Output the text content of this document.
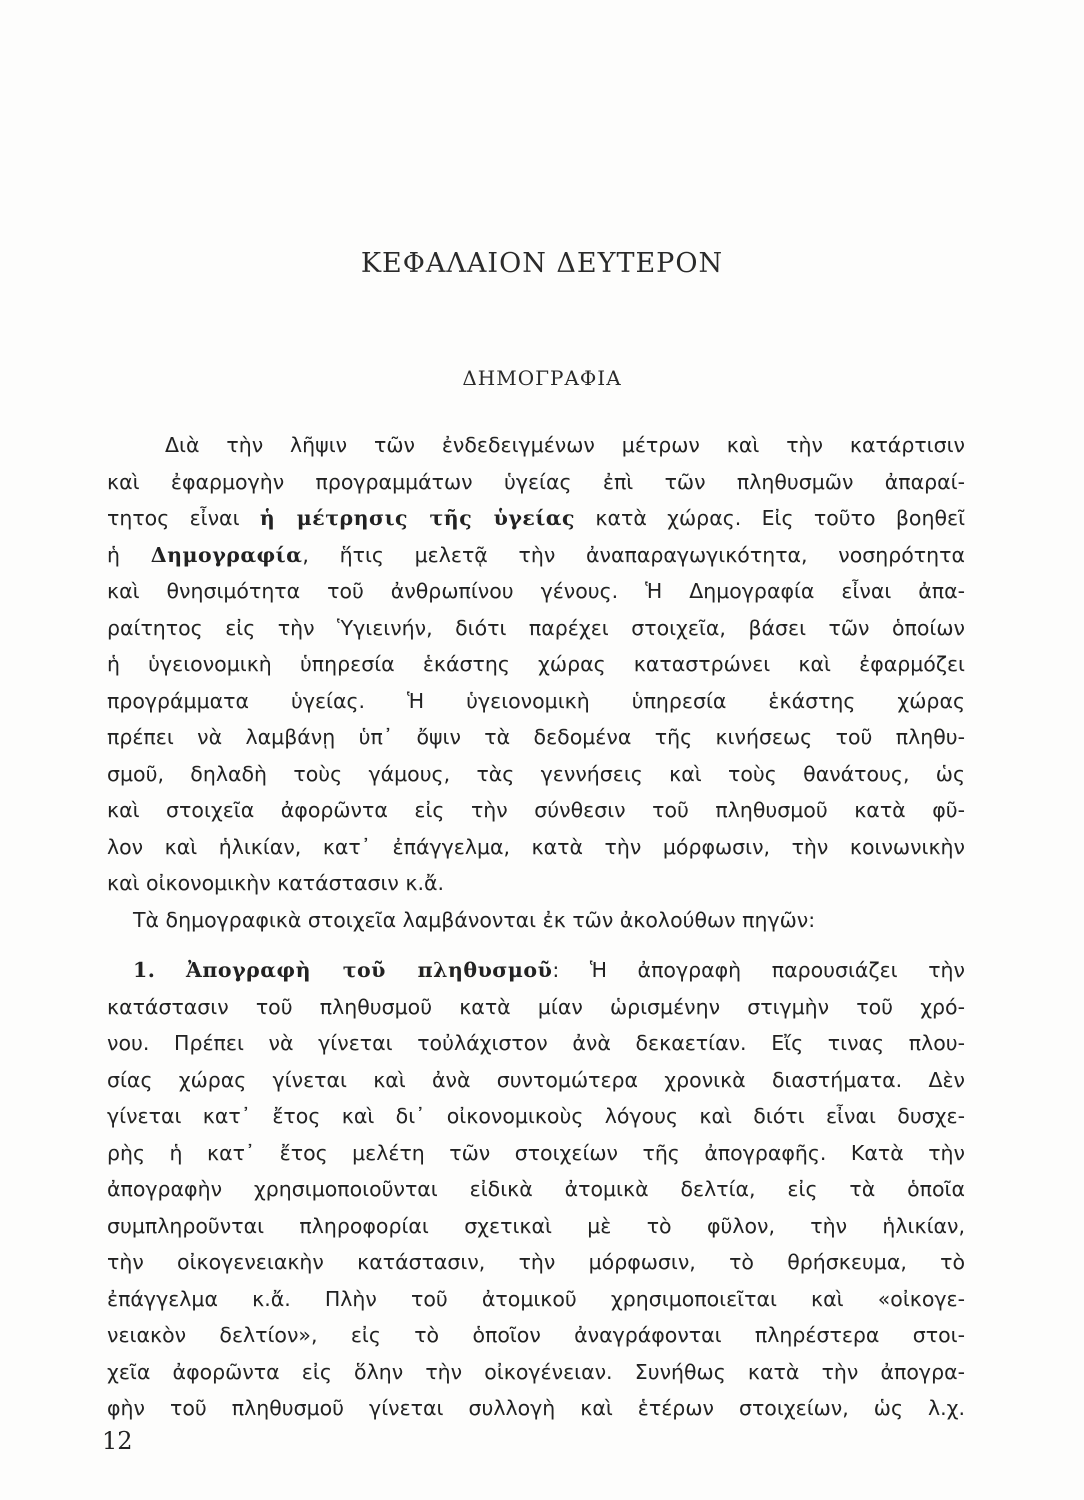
ΚΕΦΑΛΑΙΟΝ ΔΕΥΤΕΡΟΝ
ΔΗΜΟΓΡΑΦΙΑ
Διὰ τὴν λῆψιν τῶν ἐνδεδειγμένων μέτρων καὶ τὴν κατάρτισιν
καὶ ἐφαρμογὴν προγραμμάτων ὑγείας ἐπὶ τῶν πληθυσμῶν ἀπαραί-
τητος εἶναι ἡ μέτρησις τῆς ὑγείας κατὰ χώρας. Εἰς τοῦτο βοηθεῖ
ἡ Δημογραφία, ἥτις μελετᾷ τὴν ἀναπαραγωγικότητα, νοσηρότητα
καὶ θνησιμότητα τοῦ ἀνθρωπίνου γένους. Ἡ Δημογραφία εἶναι ἀπα-
ραίτητος εἰς τὴν Ὑγιεινήν, διότι παρέχει στοιχεῖα, βάσει τῶν ὁποίων
ἡ ὑγειονομικὴ ὑπηρεσία ἑκάστης χώρας καταστρώνει καὶ ἐφαρμόζει
προγράμματα ὑγείας. Ἡ ὑγειονομικὴ ὑπηρεσία ἑκάστης χώρας
πρέπει νὰ λαμβάνῃ ὑπ᾽ ὄψιν τὰ δεδομένα τῆς κινήσεως τοῦ πληθυ-
σμοῦ, δηλαδὴ τοὺς γάμους, τὰς γεννήσεις καὶ τοὺς θανάτους, ὡς
καὶ στοιχεῖα ἀφορῶντα εἰς τὴν σύνθεσιν τοῦ πληθυσμοῦ κατὰ φῦ-
λον καὶ ἡλικίαν, κατ᾽ ἐπάγγελμα, κατὰ τὴν μόρφωσιν, τὴν κοινωνικὴν
καὶ οἰκονομικὴν κατάστασιν κ.ἄ.
Τὰ δημογραφικὰ στοιχεῖα λαμβάνονται ἐκ τῶν ἀκολούθων πηγῶν:
1. Ἀπογραφὴ τοῦ πληθυσμοῦ: Ἡ ἀπογραφὴ παρουσιάζει τὴν
κατάστασιν τοῦ πληθυσμοῦ κατὰ μίαν ὡρισμένην στιγμὴν τοῦ χρό-
νου. Πρέπει νὰ γίνεται τοὐλάχιστον ἀνὰ δεκαετίαν. Εἴς τινας πλου-
σίας χώρας γίνεται καὶ ἀνὰ συντομώτερα χρονικὰ διαστήματα. Δὲν
γίνεται κατ᾽ ἔτος καὶ δι᾽ οἰκονομικοὺς λόγους καὶ διότι εἶναι δυσχε-
ρὴς ἡ κατ᾽ ἔτος μελέτη τῶν στοιχείων τῆς ἀπογραφῆς. Κατὰ τὴν
ἀπογραφὴν χρησιμοποιοῦνται εἰδικὰ ἀτομικὰ δελτία, εἰς τὰ ὁποῖα
συμπληροῦνται πληροφορίαι σχετικαὶ μὲ τὸ φῦλον, τὴν ἡλικίαν,
τὴν οἰκογενειακὴν κατάστασιν, τὴν μόρφωσιν, τὸ θρήσκευμα, τὸ
ἐπάγγελμα κ.ἄ. Πλὴν τοῦ ἀτομικοῦ χρησιμοποιεῖται καὶ «οἰκογε-
νειακὸν δελτίον», εἰς τὸ ὁποῖον ἀναγράφονται πληρέστερα στοι-
χεῖα ἀφορῶντα εἰς ὅλην τὴν οἰκογένειαν. Συνήθως κατὰ τὴν ἀπογρα-
φὴν τοῦ πληθυσμοῦ γίνεται συλλογὴ καὶ ἑτέρων στοιχείων, ὡς λ.χ.
12
